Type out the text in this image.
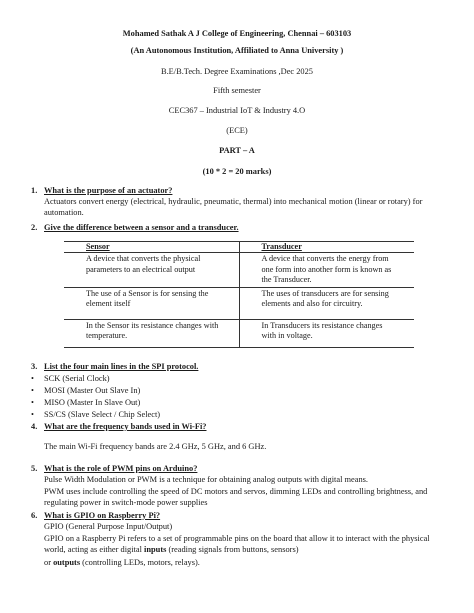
Mohamed Sathak A J College of Engineering, Chennai – 603103
(An Autonomous Institution, Affiliated to Anna University )
B.E/B.Tech. Degree Examinations ,Dec 2025
Fifth semester
CEC367 – Industrial IoT & Industry 4.O
(ECE)
PART – A
(10 * 2 = 20 marks)
1. What is the purpose of an actuator?
Actuators convert energy (electrical, hydraulic, pneumatic, thermal) into mechanical motion (linear or rotary) for automation.
2. Give the difference between a sensor and a transducer.
Sensor	Transducer
A device that converts the physical parameters to an electrical output	A device that converts the energy from one form into another form is known as the Transducer.
The use of a Sensor is for sensing the element itself	The uses of transducers are for sensing elements and also for circuitry.
In the Sensor its resistance changes with temperature.	In Transducers its resistance changes with in voltage.
3. List the four main lines in the SPI protocol.
• SCK (Serial Clock)
• MOSI (Master Out Slave In)
• MISO (Master In Slave Out)
• SS/CS (Slave Select / Chip Select)
4. What are the frequency bands used in Wi-Fi?
The main Wi-Fi frequency bands are 2.4 GHz, 5 GHz, and 6 GHz.
5. What is the role of PWM pins on Arduino?
Pulse Width Modulation or PWM is a technique for obtaining analog outputs with digital means.
PWM uses include controlling the speed of DC motors and servos, dimming LEDs and controlling brightness, and regulating power in switch-mode power supplies
6. What is GPIO on Raspberry Pi?
GPIO (General Purpose Input/Output)
GPIO on a Raspberry Pi refers to a set of programmable pins on the board that allow it to interact with the physical world, acting as either digital inputs (reading signals from buttons, sensors)
or outputs (controlling LEDs, motors, relays).
